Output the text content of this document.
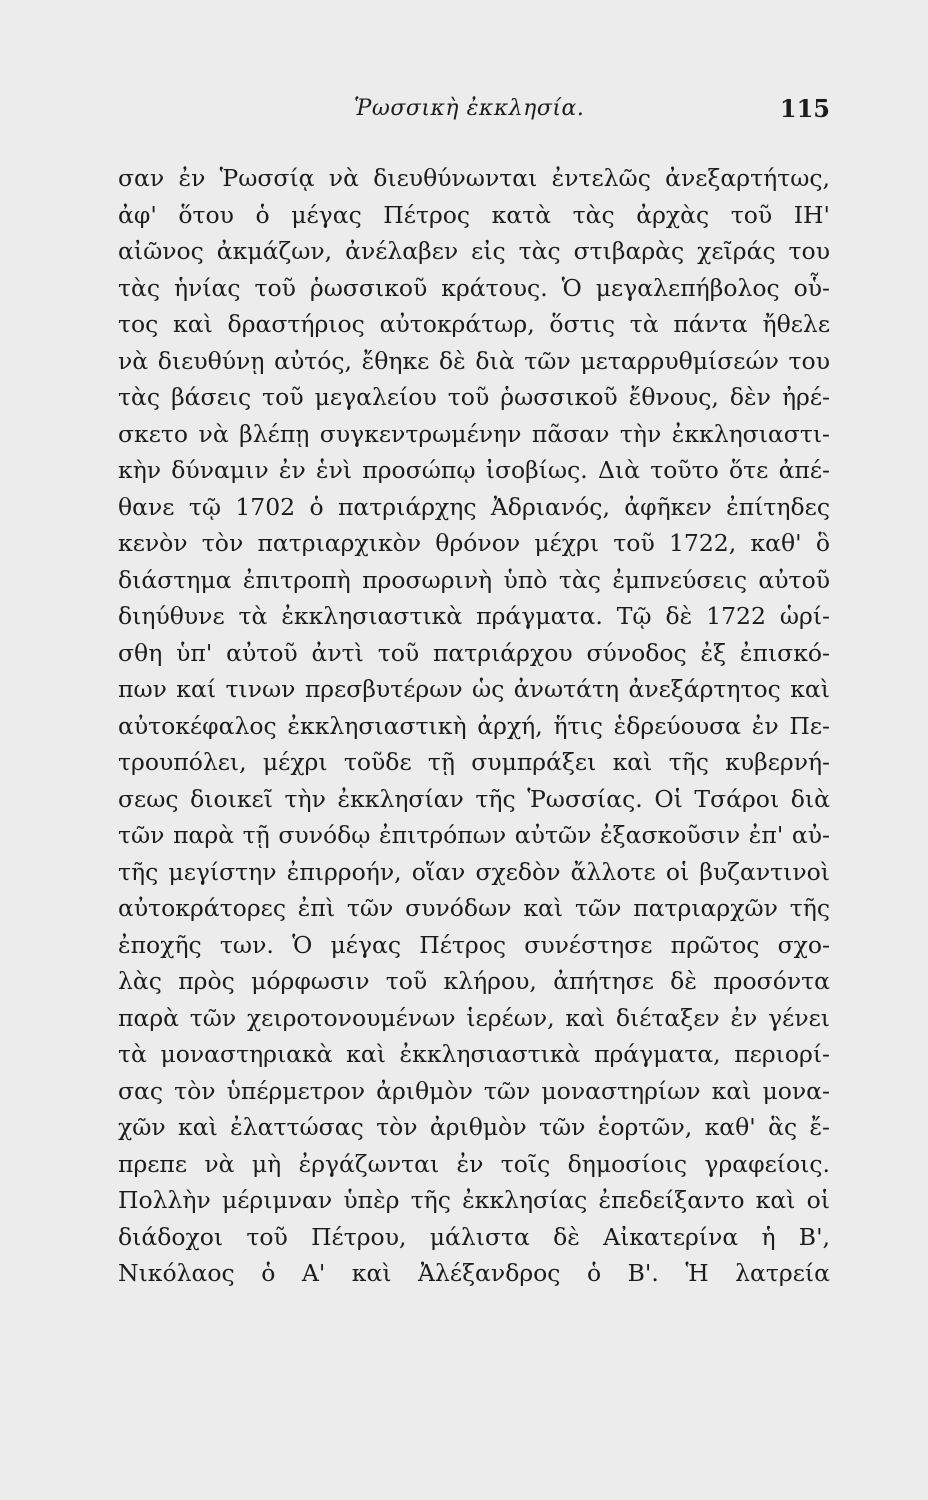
Ῥωσσικὴ ἐκκλησία.	115
σαν ἐν Ῥωσσίᾳ νὰ διευθύνωνται ἐντελῶς ἀνεξαρτήτως,
ἀφ' ὅτου ὁ μέγας Πέτρος κατὰ τὰς ἀρχὰς τοῦ ΙΗ'
αἰῶνος ἀκμάζων, ἀνέλαβεν εἰς τὰς στιβαρὰς χεῖράς του
τὰς ἡνίας τοῦ ῥωσσικοῦ κράτους. Ὁ μεγαλεπήβολος οὗ-
τος καὶ δραστήριος αὐτοκράτωρ, ὅστις τὰ πάντα ἤθελε
νὰ διευθύνῃ αὐτός, ἔθηκε δὲ διὰ τῶν μεταρρυθμίσεών του
τὰς βάσεις τοῦ μεγαλείου τοῦ ῥωσσικοῦ ἔθνους, δὲν ἠρέ-
σκετο νὰ βλέπῃ συγκεντρωμένην πᾶσαν τὴν ἐκκλησιαστι-
κὴν δύναμιν ἐν ἑνὶ προσώπῳ ἰσοβίως. Διὰ τοῦτο ὅτε ἀπέ-
θανε τῷ 1702 ὁ πατριάρχης Ἀδριανός, ἀφῆκεν ἐπίτηδες
κενὸν τὸν πατριαρχικὸν θρόνον μέχρι τοῦ 1722, καθ' ὃ
διάστημα ἐπιτροπὴ προσωρινὴ ὑπὸ τὰς ἐμπνεύσεις αὐτοῦ
διηύθυνε τὰ ἐκκλησιαστικὰ πράγματα. Τῷ δὲ 1722 ὡρί-
σθη ὑπ' αὐτοῦ ἀντὶ τοῦ πατριάρχου σύνοδος ἐξ ἐπισκό-
πων καί τινων πρεσβυτέρων ὡς ἀνωτάτη ἀνεξάρτητος καὶ
αὐτοκέφαλος ἐκκλησιαστικὴ ἀρχή, ἥτις ἑδρεύουσα ἐν Πε-
τρουπόλει, μέχρι τοῦδε τῇ συμπράξει καὶ τῆς κυβερνή-
σεως διοικεῖ τὴν ἐκκλησίαν τῆς Ῥωσσίας. Οἱ Τσάροι διὰ
τῶν παρὰ τῇ συνόδῳ ἐπιτρόπων αὐτῶν ἐξασκοῦσιν ἐπ' αὐ-
τῆς μεγίστην ἐπιρροήν, οἵαν σχεδὸν ἄλλοτε οἱ βυζαντινοὶ
αὐτοκράτορες ἐπὶ τῶν συνόδων καὶ τῶν πατριαρχῶν τῆς
ἐποχῆς των. Ὁ μέγας Πέτρος συνέστησε πρῶτος σχο-
λὰς πρὸς μόρφωσιν τοῦ κλήρου, ἀπήτησε δὲ προσόντα
παρὰ τῶν χειροτονουμένων ἱερέων, καὶ διέταξεν ἐν γένει
τὰ μοναστηριακὰ καὶ ἐκκλησιαστικὰ πράγματα, περιορί-
σας τὸν ὑπέρμετρον ἀριθμὸν τῶν μοναστηρίων καὶ μονα-
χῶν καὶ ἐλαττώσας τὸν ἀριθμὸν τῶν ἑορτῶν, καθ' ἃς ἔ-
πρεπε νὰ μὴ ἐργάζωνται ἐν τοῖς δημοσίοις γραφείοις.
Πολλὴν μέριμναν ὑπὲρ τῆς ἐκκλησίας ἐπεδείξαντο καὶ οἱ
διάδοχοι τοῦ Πέτρου, μάλιστα δὲ Αἰκατερίνα ἡ Β',
Νικόλαος ὁ Α' καὶ Ἀλέξανδρος ὁ Β'. Ἡ λατρεία
